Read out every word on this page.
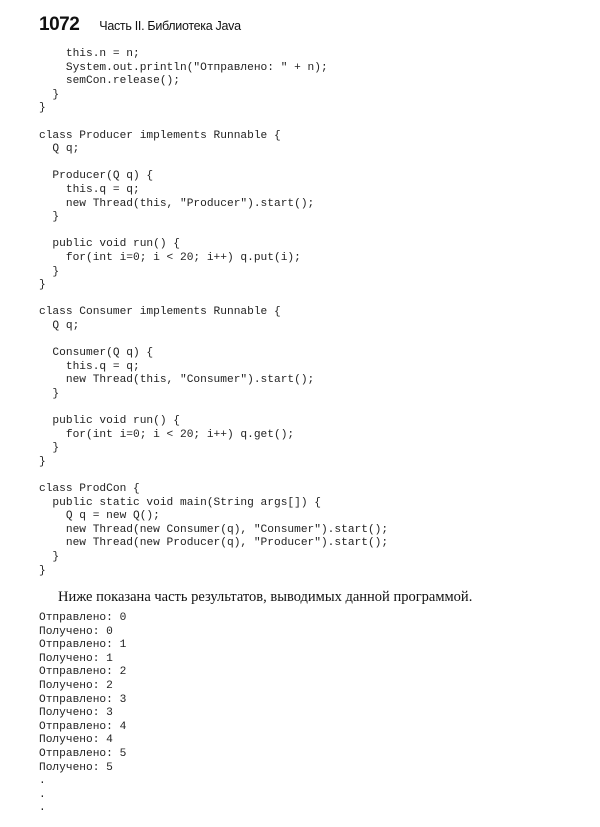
1072 Часть II. Библиотека Java
this.n = n;
System.out.println("Отправлено: " + n);
semCon.release();
}
}
class Producer implements Runnable {
Q q;
Producer(Q q) {
this.q = q;
new Thread(this, "Producer").start();
}
public void run() {
for(int i=0; i < 20; i++) q.put(i);
}
}
class Consumer implements Runnable {
Q q;
Consumer(Q q) {
this.q = q;
new Thread(this, "Consumer").start();
}
public void run() {
for(int i=0; i < 20; i++) q.get();
}
}
class ProdCon {
public static void main(String args[]) {
Q q = new Q();
new Thread(new Consumer(q), "Consumer").start();
new Thread(new Producer(q), "Producer").start();
}
}
Ниже показана часть результатов, выводимых данной программой.
Отправлено: 0
Получено: 0
Отправлено: 1
Получено: 1
Отправлено: 2
Получено: 2
Отправлено: 3
Получено: 3
Отправлено: 4
Получено: 4
Отправлено: 5
Получено: 5
.
.
.
